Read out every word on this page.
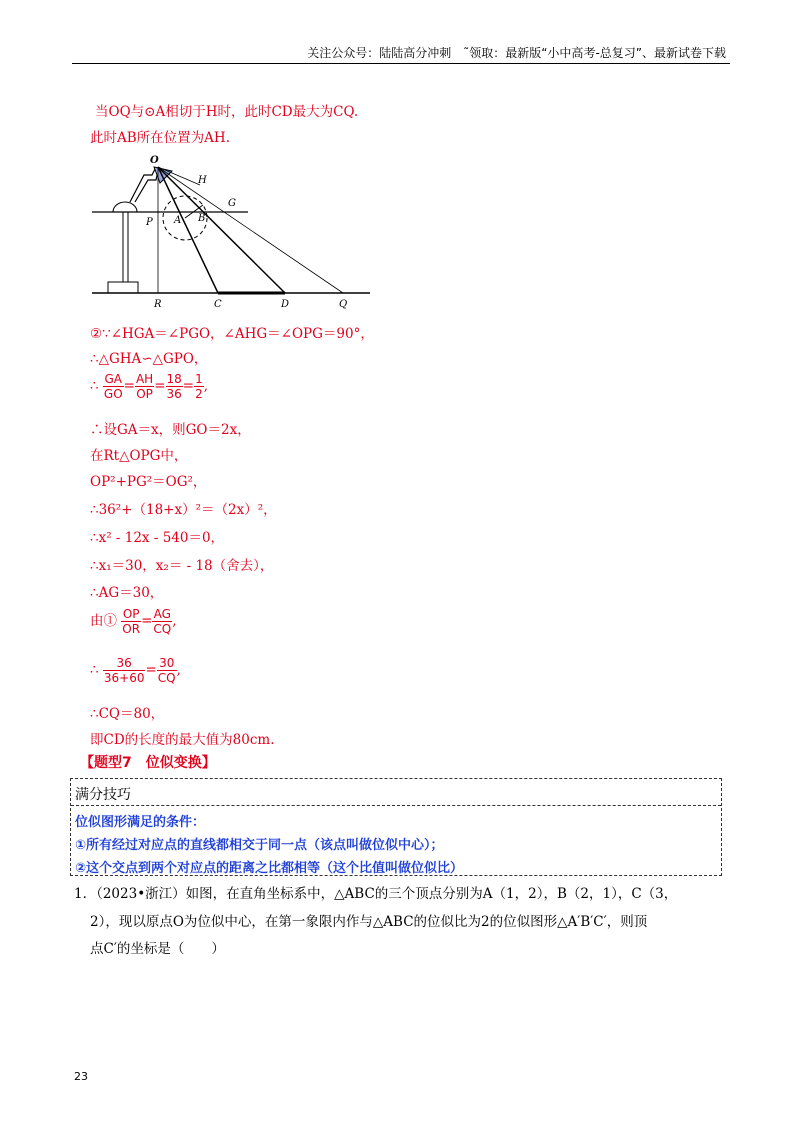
关注公众号：陆陆高分冲刺　˜领取：最新版“小中高考-总复习”、最新试卷下载
当OQ与⊙A相切于H时，此时CD最大为CQ.
此时AB所在位置为AH.
O
H
G
P A B
R	C	D	Q
②∵∠HGA＝∠PGO，∠AHG＝∠OPG＝90°，
∴△GHA∽△GPO，
∴ $\frac{GA}{GO} = \frac{AH}{OP} = \frac{18}{36} = \frac{1}{2}$ ,
∴设GA＝x，则GO＝2x，
在Rt△OPG中，
OP²+PG²＝OG²，
∴36²+（18+x）²＝（2x）²，
∴x² - 12x - 540＝0，
∴x₁＝30，x₂＝ - 18（舍去），
∴AG＝30，
由① $\frac{OP}{OR} = \frac{AG}{CQ}$ ,
∴ $\frac{36}{36+60} = \frac{30}{CQ}$ ,
∴CQ＝80，
即CD的长度的最大值为80cm.
【题型7　位似变换】
满分技巧
位似图形满足的条件：
①所有经过对应点的直线都相交于同一点（该点叫做位似中心）；
②这个交点到两个对应点的距离之比都相等（这个比值叫做位似比）
1．（2023•浙江）如图，在直角坐标系中，△ABC的三个顶点分别为A（1，2），B（2，1），C（3，
2），现以原点O为位似中心，在第一象限内作与△ABC的位似比为2的位似图形△A′B′C′，则顶
点C′的坐标是（　　）
23
